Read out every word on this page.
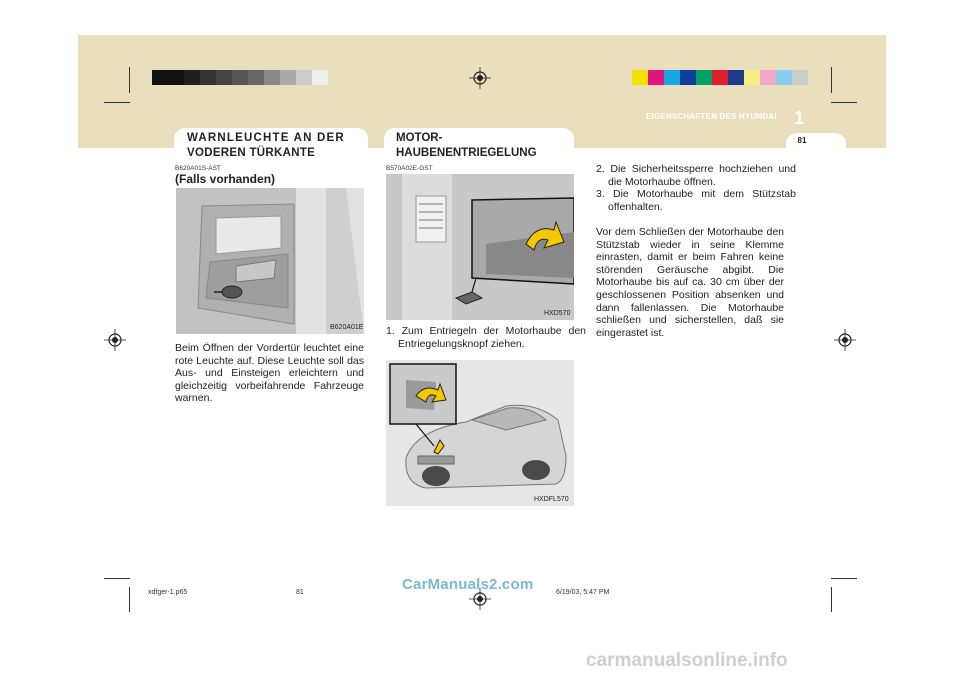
EIGENSCHAFTEN DES HYUNDAI 1
81
WARNLEUCHTE AN DER
VODEREN TÜRKANTE
B620A01S-AST
(Falls vorhanden)
B620A01E
Beim Öffnen der Vordertür leuchtet eine rote Leuchte auf. Diese Leuchte soll das Aus- und Einsteigen erleichtern und gleichzeitig vorbeifahrende Fahrzeuge warnen.
MOTOR-
HAUBENENTRIEGELUNG
B570A02E-GST
HXD570
1. Zum Entriegeln der Motorhaube den Entriegelungsknopf ziehen.
HXDFL570
2. Die Sicherheitssperre hochziehen und die Motorhaube öffnen.
3. Die Motorhaube mit dem Stützstab offenhalten.
Vor dem Schließen der Motorhaube den Stützstab wieder in seine Klemme einrasten, damit er beim Fahren keine störenden Geräusche abgibt. Die Motorhaube bis auf ca. 30 cm über der geschlossenen Position absenken und dann fallenlassen. Die Motorhaube schließen und sicherstellen, daß sie eingerastet ist.
xdfger-1.p65	81	6/19/03, 5:47 PM
CarManuals2.com
carmanualsonline.info
